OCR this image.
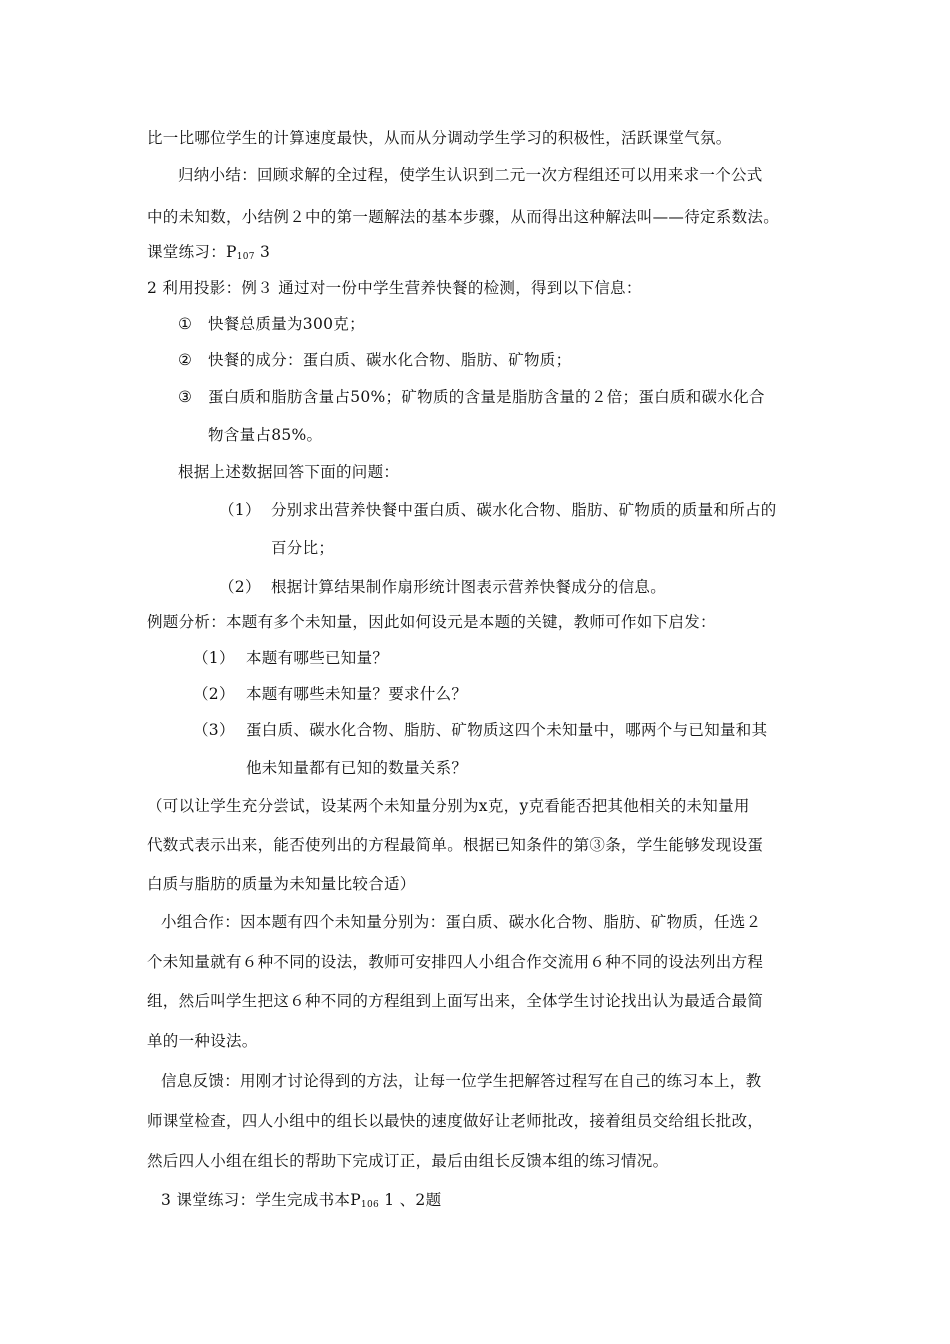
比一比哪位学生的计算速度最快，从而从分调动学生学习的积极性，活跃课堂气氛。
归纳小结：回顾求解的全过程，使学生认识到二元一次方程组还可以用来求一个公式
中的未知数，小结例２中的第一题解法的基本步骤，从而得出这种解法叫——待定系数法。
课堂练习：$P_{107}$ 3
2 利用投影：例３ 通过对一份中学生营养快餐的检测，得到以下信息：
① 快餐总质量为300克；
② 快餐的成分：蛋白质、碳水化合物、脂肪、矿物质；
③ 蛋白质和脂肪含量占50%；矿物质的含量是脂肪含量的２倍；蛋白质和碳水化合
物含量占85%。
根据上述数据回答下面的问题：
（1） 分别求出营养快餐中蛋白质、碳水化合物、脂肪、矿物质的质量和所占的
百分比；
（2） 根据计算结果制作扇形统计图表示营养快餐成分的信息。
例题分析：本题有多个未知量，因此如何设元是本题的关键，教师可作如下启发：
（1） 本题有哪些已知量？
（2） 本题有哪些未知量？要求什么？
（3） 蛋白质、碳水化合物、脂肪、矿物质这四个未知量中，哪两个与已知量和其
他未知量都有已知的数量关系？
（可以让学生充分尝试，设某两个未知量分别为x克，y克看能否把其他相关的未知量用
代数式表示出来，能否使列出的方程最简单。根据已知条件的第③条，学生能够发现设蛋
白质与脂肪的质量为未知量比较合适）
小组合作：因本题有四个未知量分别为：蛋白质、碳水化合物、脂肪、矿物质，任选２
个未知量就有６种不同的设法，教师可安排四人小组合作交流用６种不同的设法列出方程
组，然后叫学生把这６种不同的方程组到上面写出来，全体学生讨论找出认为最适合最简
单的一种设法。
信息反馈：用刚才讨论得到的方法，让每一位学生把解答过程写在自己的练习本上，教
师课堂检查，四人小组中的组长以最快的速度做好让老师批改，接着组员交给组长批改，
然后四人小组在组长的帮助下完成订正，最后由组长反馈本组的练习情况。
3 课堂练习：学生完成书本$P_{106}$ 1 、2题
